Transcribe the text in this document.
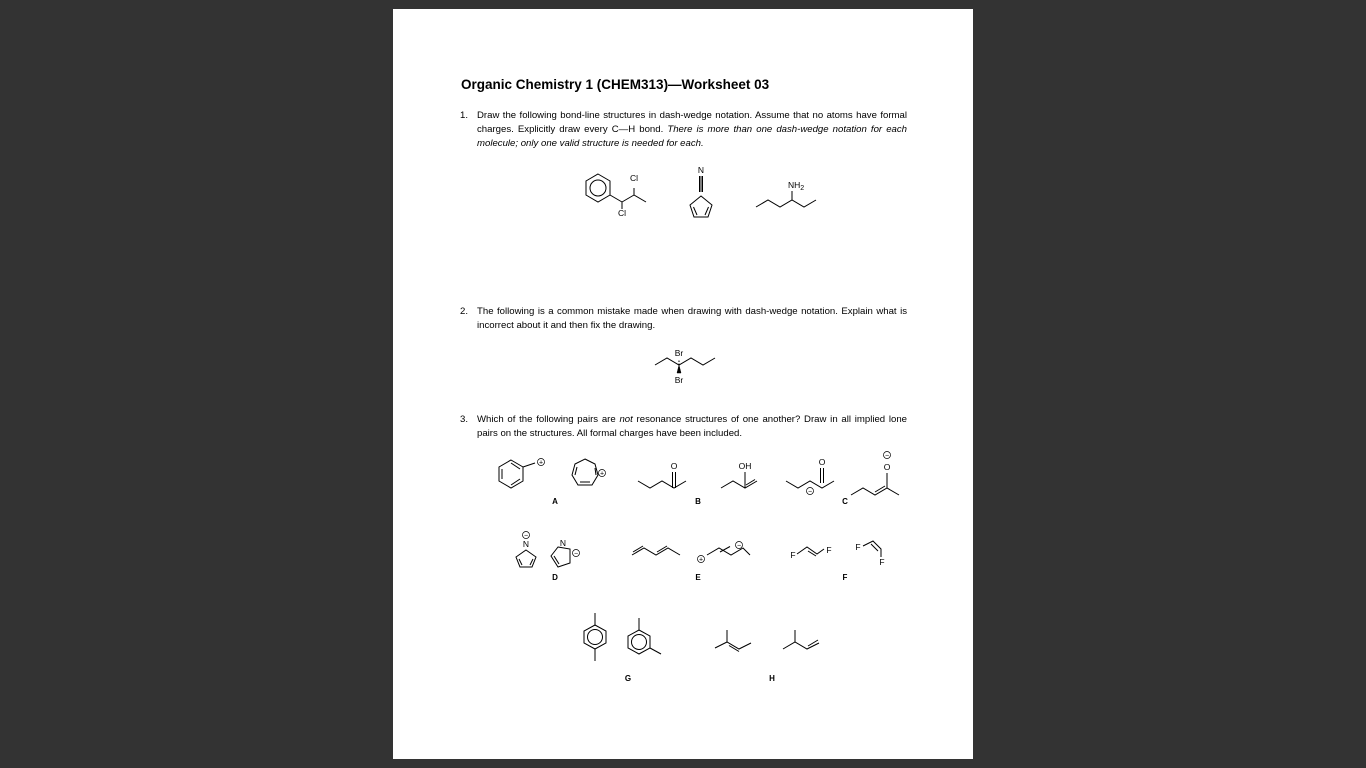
Organic Chemistry 1 (CHEM313)—Worksheet 03
1. Draw the following bond-line structures in dash-wedge notation. Assume that no atoms have formal charges. Explicitly draw every C—H bond. There is more than one dash-wedge notation for each molecule; only one valid structure is needed for each.

2. The following is a common mistake made when drawing with dash-wedge notation. Explain what is incorrect about it and then fix the drawing.

3. Which of the following pairs are not resonance structures of one another? Draw in all implied lone pairs on the structures. All formal charges have been included.

Cl
Cl
N
$NH_2$
Br
Br
+
+
A
O	OH
B
O
−
−
O
C
−
N	N
−
D
+
−
E
F	F	F
F
F
G	H
